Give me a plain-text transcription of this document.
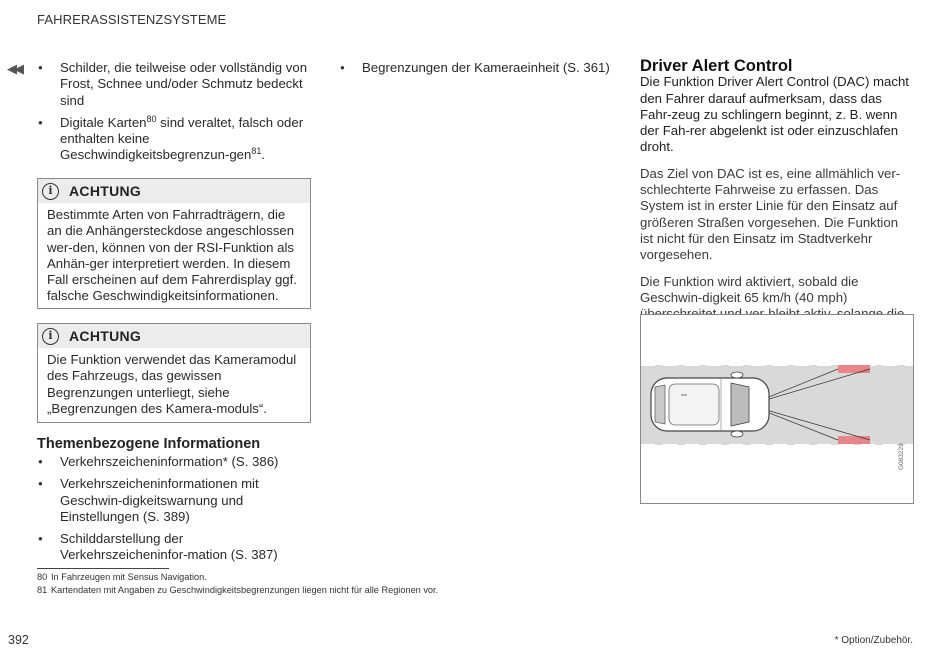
FAHRERASSISTENZSYSTEME
◀◀
●	Schilder, die teilweise oder vollständig von Frost, Schnee und/oder Schmutz bedeckt sind
● Digitale Karten$^{80}$ sind veraltet, falsch oder enthalten keine Geschwindigkeitsbegrenzun-gen$^{81}$.
i	ACHTUNG
Bestimmte Arten von Fahrradträgern, die an die Anhängersteckdose angeschlossen wer-den, können von der RSI-Funktion als Anhän-ger interpretiert werden. In diesem Fall erscheinen auf dem Fahrerdisplay ggf. falsche Geschwindigkeitsinformationen.
i	ACHTUNG
Die Funktion verwendet das Kameramodul des Fahrzeugs, das gewissen Begrenzungen unterliegt, siehe „Begrenzungen des Kamera-moduls“.
Themenbezogene Informationen
● Verkehrszeicheninformation* (S. 386)
● Verkehrszeicheninformationen mit Geschwin-digkeitswarnung und Einstellungen (S. 389)
● Schilddarstellung der Verkehrszeicheninfor-mation (S. 387)
● Begrenzungen der Kameraeinheit (S. 361) Driver Alert Control
Die Funktion Driver Alert Control (DAC) macht den Fahrer darauf aufmerksam, dass das Fahr-zeug zu schlingern beginnt, z. B. wenn der Fah-rer abgelenkt ist oder einzuschlafen droht.
Das Ziel von DAC ist es, eine allmählich ver-schlechterte Fahrweise zu erfassen. Das System ist in erster Linie für den Einsatz auf größeren Straßen vorgesehen. Die Funktion ist nicht für den Einsatz im Stadtverkehr vorgesehen.
Die Funktion wird aktiviert, sobald die Geschwin-digkeit 65 km/h (40 mph)
G083229
80 In Fahrzeugen mit Sensus Navigation.
81 Kartendaten mit Angaben zu Geschwindigkeitsbegrenzungen liegen nicht für alle Regionen vor.
392	* Option/Zubehör.
